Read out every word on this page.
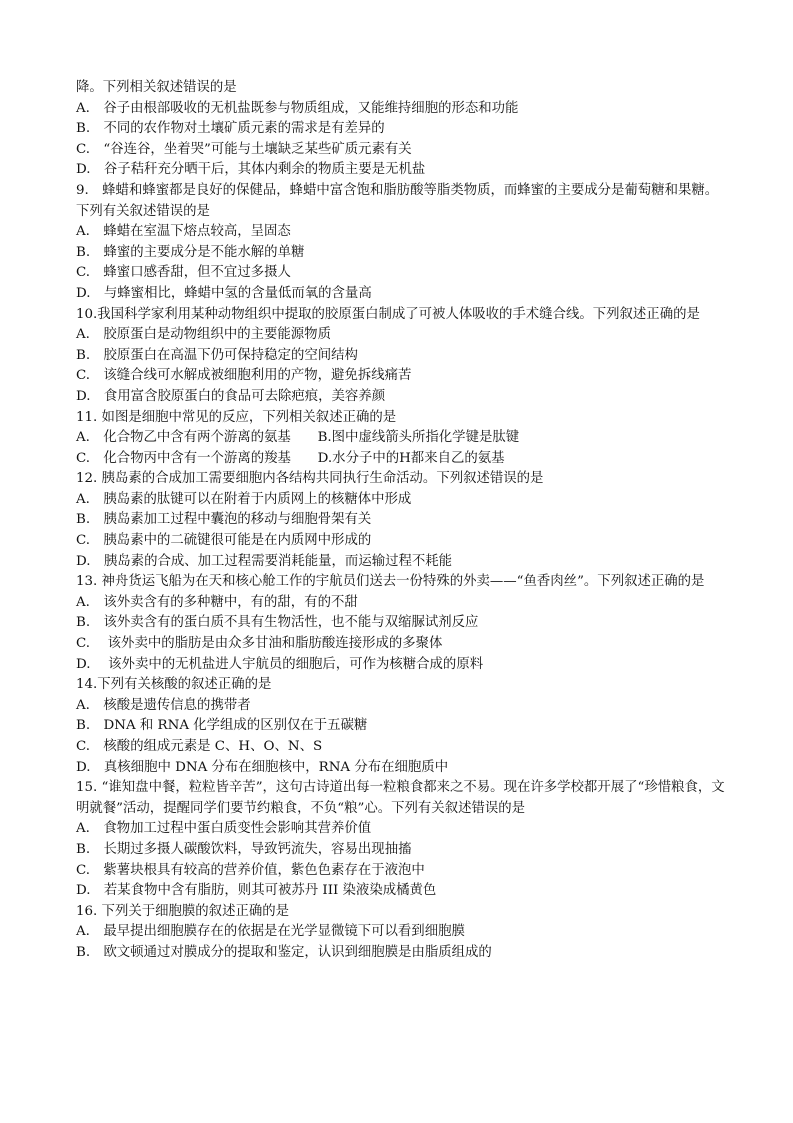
降。下列相关叙述错误的是
A.　谷子由根部吸收的无机盐既参与物质组成，又能维持细胞的形态和功能
B.　不同的农作物对土壤矿质元素的需求是有差异的
C.　“谷连谷，坐着哭”可能与土壤缺乏某些矿质元素有关
D.　谷子秸秆充分晒干后，其体内剩余的物质主要是无机盐
9.　蜂蜡和蜂蜜都是良好的保健品，蜂蜡中富含饱和脂肪酸等脂类物质，而蜂蜜的主要成分是葡萄糖和果糖。下列有关叙述错误的是
A.　蜂蜡在室温下熔点较高，呈固态
B.　蜂蜜的主要成分是不能水解的单糖
C.　蜂蜜口感香甜，但不宜过多摄人
D.　与蜂蜜相比，蜂蜡中氢的含量低而氧的含量高
10.我国科学家利用某种动物组织中提取的胶原蛋白制成了可被人体吸收的手术缝合线。下列叙述正确的是
A.　胶原蛋白是动物组织中的主要能源物质
B.　胶原蛋白在高温下仍可保持稳定的空间结构
C.　该缝合线可水解成被细胞利用的产物，避免拆线痛苦
D.　食用富含胶原蛋白的食品可去除疤痕，美容养颜
11. 如图是细胞中常见的反应，下列相关叙述正确的是
A.　化合物乙中含有两个游离的氨基　　B.图中虚线箭头所指化学键是肽键
C.　化合物丙中含有一个游离的羧基　　D.水分子中的H都来自乙的氨基
12. 胰岛素的合成加工需要细胞内各结构共同执行生命活动。下列叙述错误的是
A.　胰岛素的肽键可以在附着于内质网上的核糖体中形成
B.　胰岛素加工过程中囊泡的移动与细胞骨架有关
C.　胰岛素中的二硫键很可能是在内质网中形成的
D.　胰岛素的合成、加工过程需要消耗能量，而运输过程不耗能
13. 神舟货运飞船为在天和核心舱工作的宇航员们送去一份特殊的外卖——“鱼香肉丝”。下列叙述正确的是
A.　该外卖含有的多种糖中，有的甜，有的不甜
B.　该外卖含有的蛋白质不具有生物活性，也不能与双缩脲试剂反应
C.　 该外卖中的脂肪是由众多甘油和脂肪酸连接形成的多聚体
D.　 该外卖中的无机盐进人宇航员的细胞后，可作为核糖合成的原料
14.下列有关核酸的叙述正确的是
A.　核酸是遗传信息的携带者
B.　DNA 和 RNA 化学组成的区别仅在于五碳糖
C.　核酸的组成元素是 C、H、O、N、S
D.　真核细胞中 DNA 分布在细胞核中，RNA 分布在细胞质中
15. “谁知盘中餐，粒粒皆辛苦”，这句古诗道出每一粒粮食都来之不易。现在许多学校都开展了“珍惜粮食，文明就餐”活动，提醒同学们要节约粮食，不负“粮”心。下列有关叙述错误的是
A.　食物加工过程中蛋白质变性会影响其营养价值
B.　长期过多摄人碳酸饮料，导致钙流失，容易出现抽搐
C.　紫薯块根具有较高的营养价值，紫色色素存在于液泡中
D.　若某食物中含有脂肪，则其可被苏丹 III 染液染成橘黄色
16. 下列关于细胞膜的叙述正确的是
A.　最早提出细胞膜存在的依据是在光学显微镜下可以看到细胞膜
B.　欧文顿通过对膜成分的提取和鉴定，认识到细胞膜是由脂质组成的
